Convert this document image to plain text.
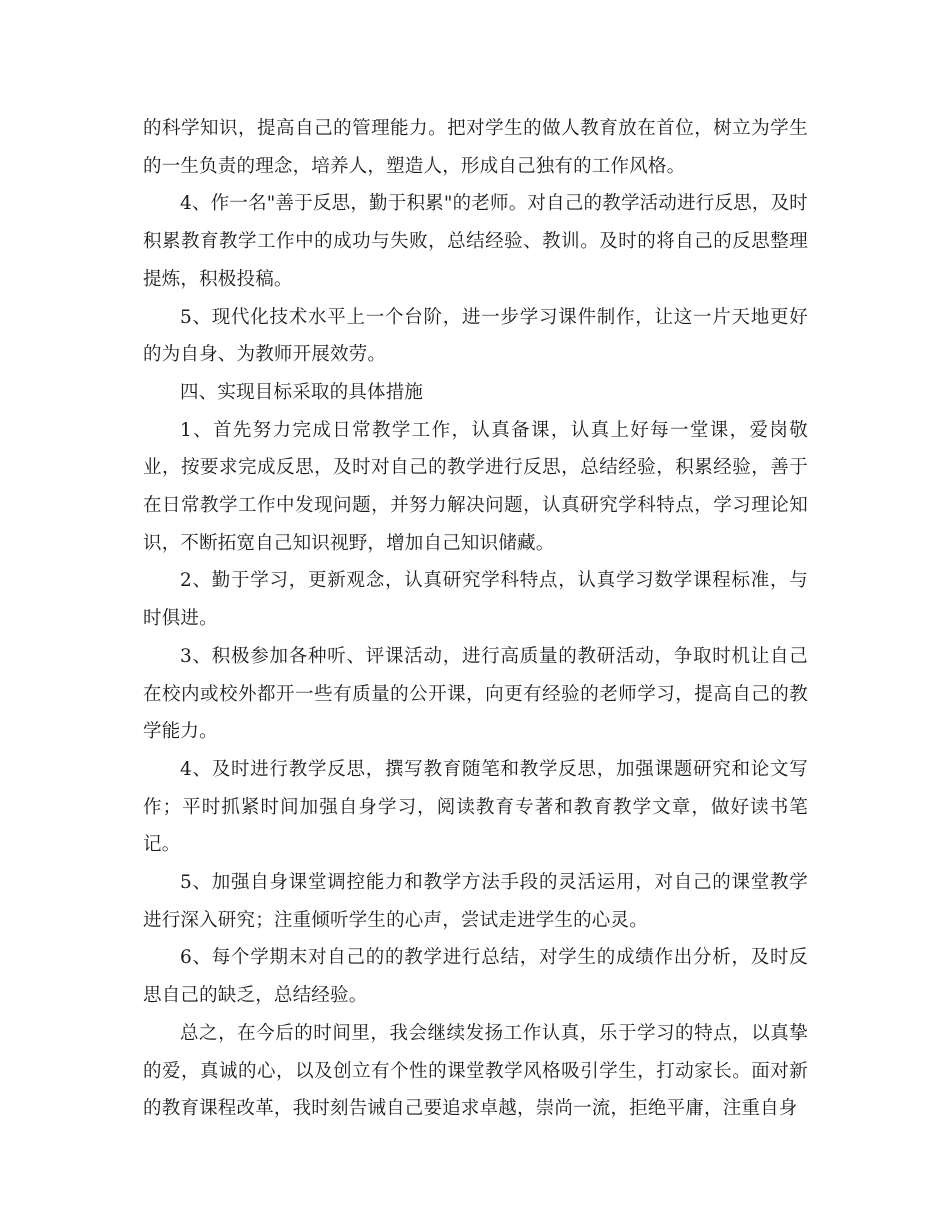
的科学知识，提高自己的管理能力。把对学生的做人教育放在首位，树立为学生的一生负责的理念，培养人，塑造人，形成自己独有的工作风格。

4、作一名"善于反思，勤于积累"的老师。对自己的教学活动进行反思，及时积累教育教学工作中的成功与失败，总结经验、教训。及时的将自己的反思整理提炼，积极投稿。

5、现代化技术水平上一个台阶，进一步学习课件制作，让这一片天地更好的为自身、为教师开展效劳。

四、实现目标采取的具体措施

1、首先努力完成日常教学工作，认真备课，认真上好每一堂课，爱岗敬业，按要求完成反思，及时对自己的教学进行反思，总结经验，积累经验，善于在日常教学工作中发现问题，并努力解决问题，认真研究学科特点，学习理论知识，不断拓宽自己知识视野，增加自己知识储藏。

2、勤于学习，更新观念，认真研究学科特点，认真学习数学课程标准，与时俱进。

3、积极参加各种听、评课活动，进行高质量的教研活动，争取时机让自己在校内或校外都开一些有质量的公开课，向更有经验的老师学习，提高自己的教学能力。

4、及时进行教学反思，撰写教育随笔和教学反思，加强课题研究和论文写作；平时抓紧时间加强自身学习，阅读教育专著和教育教学文章，做好读书笔记。

5、加强自身课堂调控能力和教学方法手段的灵活运用，对自己的课堂教学进行深入研究；注重倾听学生的心声，尝试走进学生的心灵。

6、每个学期末对自己的的教学进行总结，对学生的成绩作出分析，及时反思自己的缺乏，总结经验。

总之，在今后的时间里，我会继续发扬工作认真，乐于学习的特点，以真挚的爱，真诚的心，以及创立有个性的课堂教学风格吸引学生，打动家长。面对新的教育课程改革，我时刻告诫自己要追求卓越，崇尚一流，拒绝平庸，注重自身
